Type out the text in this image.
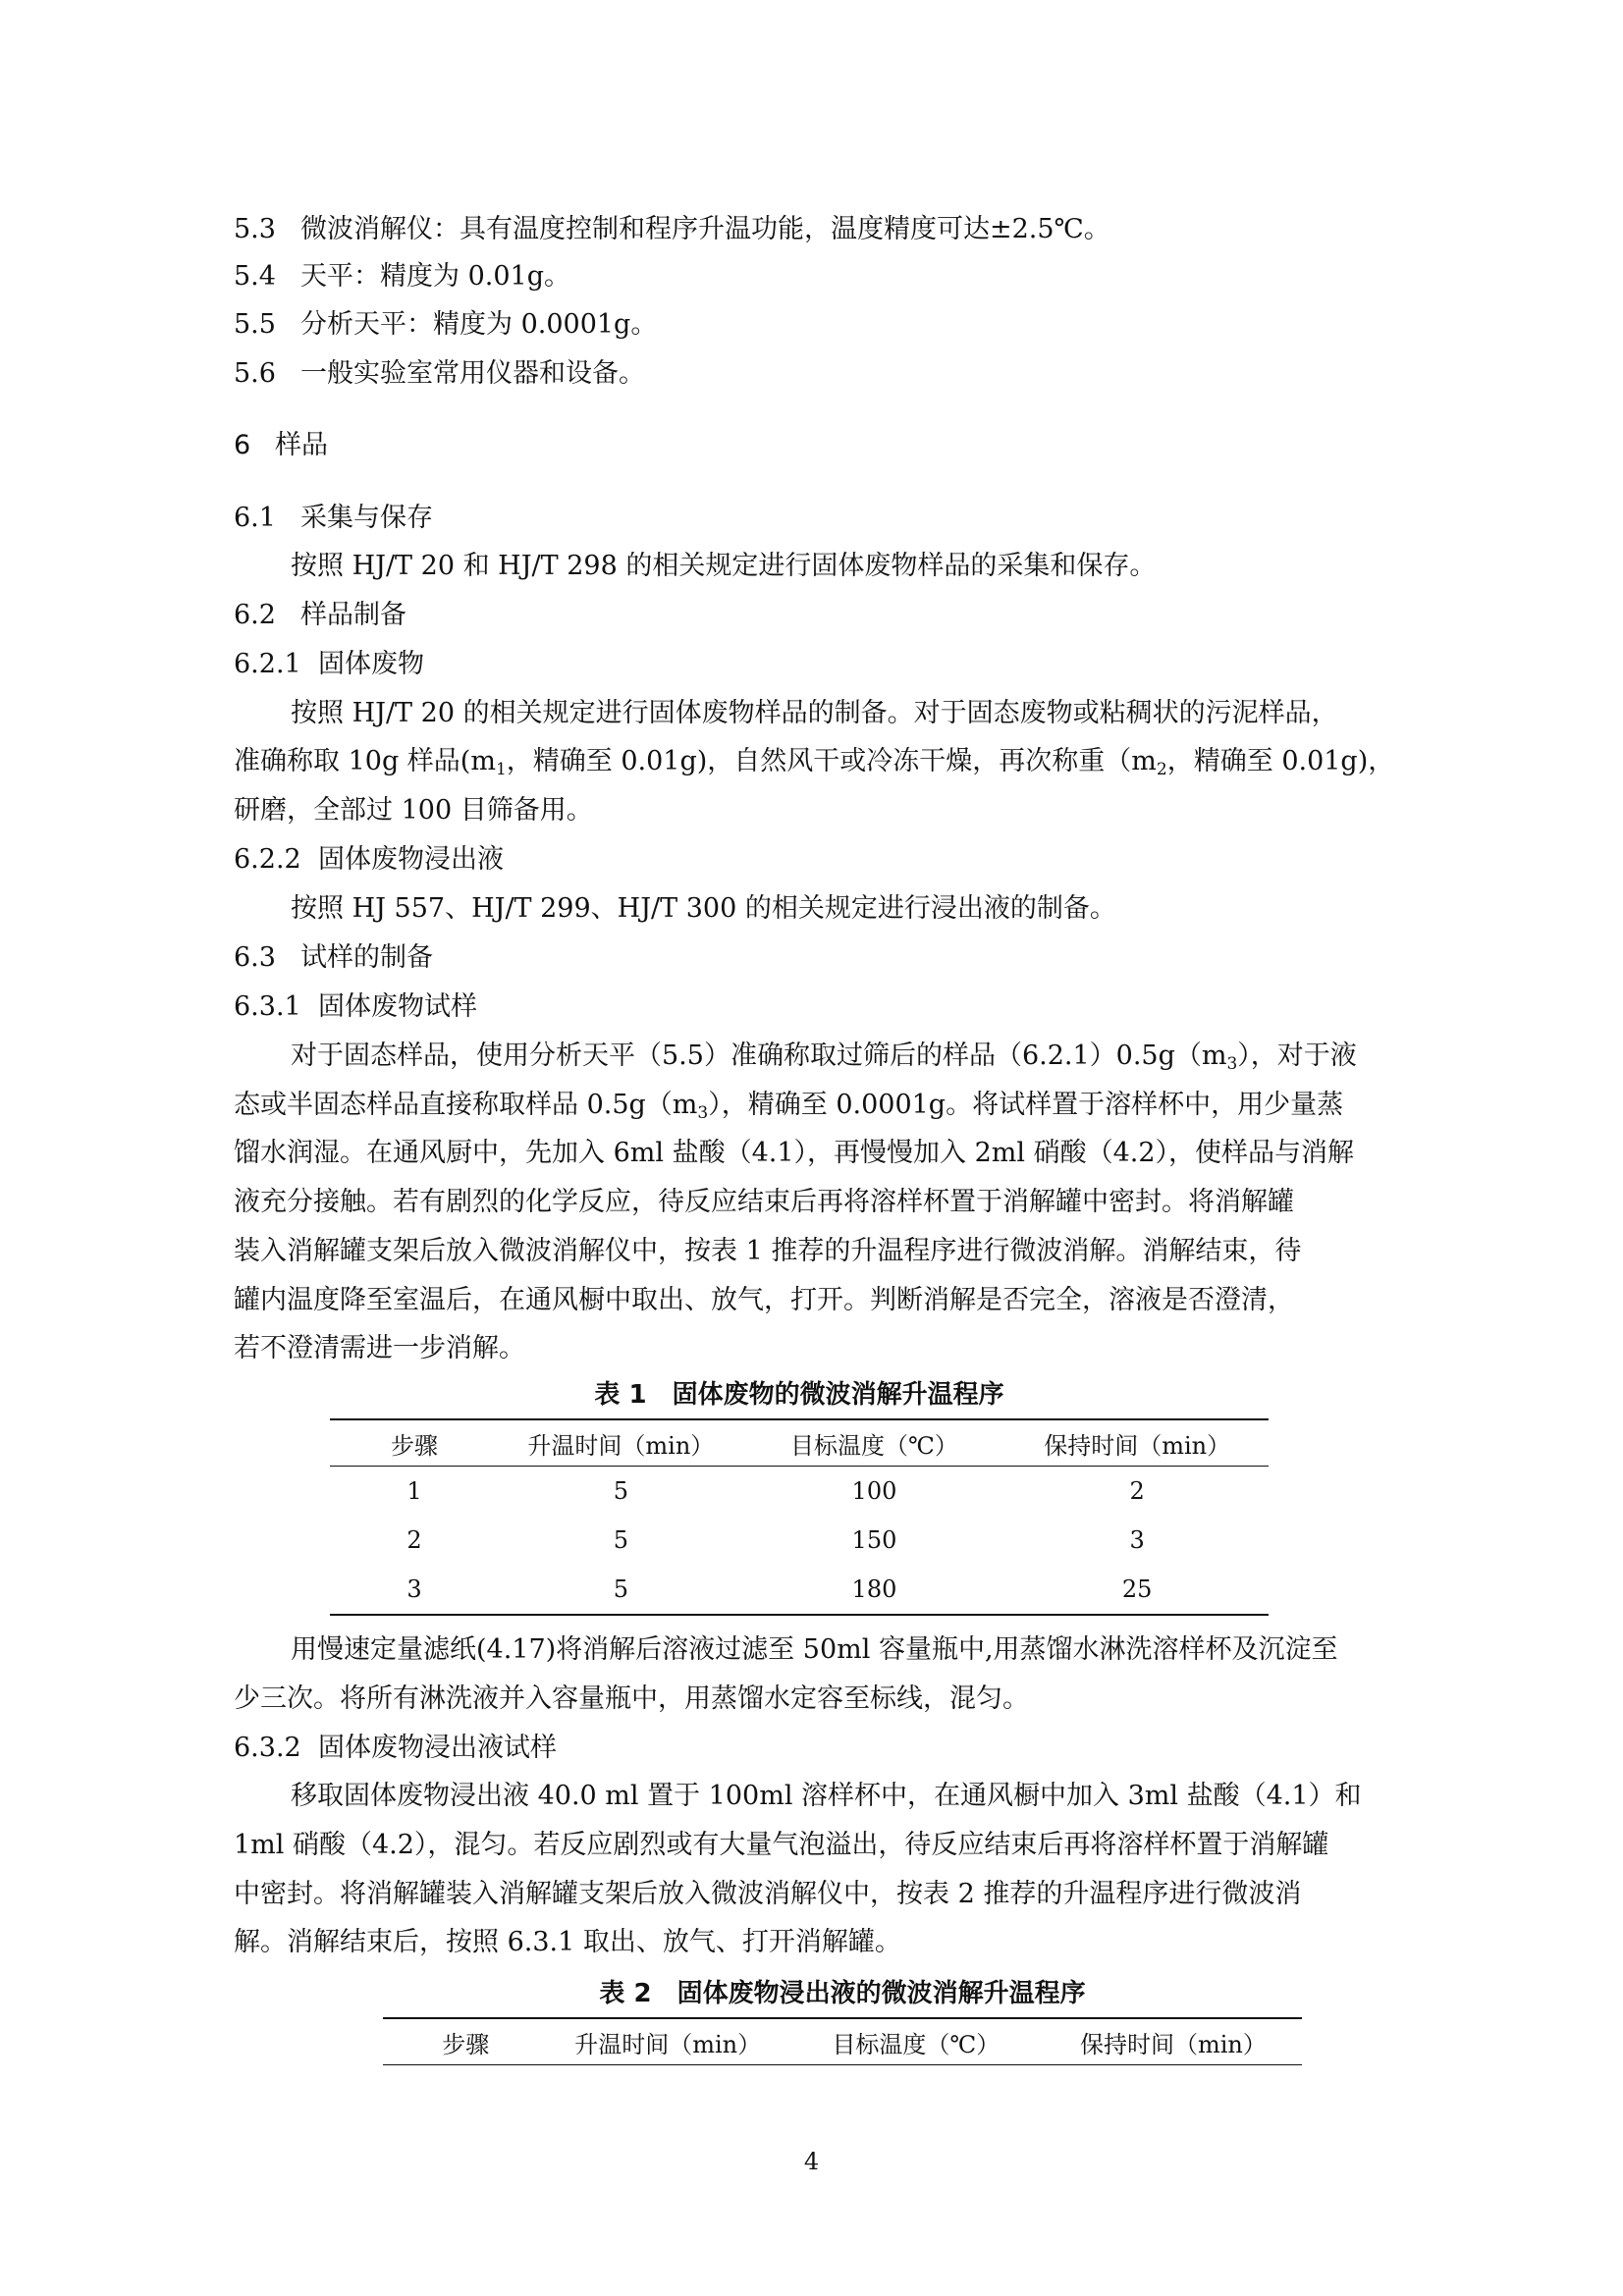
5.3 微波消解仪：具有温度控制和程序升温功能，温度精度可达±2.5℃。
5.4 天平：精度为 0.01g。
5.5 分析天平：精度为 0.0001g。
5.6 一般实验室常用仪器和设备。
6 样品
6.1 采集与保存
按照 HJ/T 20 和 HJ/T 298 的相关规定进行固体废物样品的采集和保存。
6.2 样品制备
6.2.1 固体废物
按照 HJ/T 20 的相关规定进行固体废物样品的制备。对于固态废物或粘稠状的污泥样品，
准确称取 10g 样品($m_1$，精确至 0.01g)，自然风干或冷冻干燥，再次称重（$m_2$，精确至 0.01g)，
研磨，全部过 100 目筛备用。
6.2.2 固体废物浸出液
按照 HJ 557、HJ/T 299、HJ/T 300 的相关规定进行浸出液的制备。
6.3 试样的制备
6.3.1 固体废物试样
对于固态样品，使用分析天平（5.5）准确称取过筛后的样品$(6.2.1)0.5g(m_3)$，对于液
态或半固态样品直接称取样品 $0.5g(m_3)$，精确至 0.0001g。将试样置于溶样杯中，用少量蒸
馏水润湿。在通风厨中，先加入 6ml 盐酸（4.1），再慢慢加入 2ml 硝酸（4.2），使样品与消解
液充分接触。若有剧烈的化学反应，待反应结束后再将溶样杯置于消解罐中密封。将消解罐
装入消解罐支架后放入微波消解仪中，按表 1 推荐的升温程序进行微波消解。消解结束，待
罐内温度降至室温后，在通风橱中取出、放气，打开。判断消解是否完全，溶液是否澄清，
若不澄清需进一步消解。
表 1　固体废物的微波消解升温程序
步骤	升温时间（min）	目标温度（℃）	保持时间（min）
1	5	100	2
2	5	150	3
3	5	180	25
用慢速定量滤纸(4.17)将消解后溶液过滤至 50ml 容量瓶中,用蒸馏水淋洗溶样杯及沉淀至
少三次。将所有淋洗液并入容量瓶中，用蒸馏水定容至标线，混匀。
6.3.2 固体废物浸出液试样
移取固体废物浸出液 40.0 ml 置于 100ml 溶样杯中，在通风橱中加入 3ml 盐酸（4.1）和
1ml 硝酸（4.2），混匀。若反应剧烈或有大量气泡溢出，待反应结束后再将溶样杯置于消解罐
中密封。将消解罐装入消解罐支架后放入微波消解仪中，按表 2 推荐的升温程序进行微波消
解。消解结束后，按照 6.3.1 取出、放气、打开消解罐。
表 2　固体废物浸出液的微波消解升温程序
步骤	升温时间（min）	目标温度（℃）	保持时间（min）
4
